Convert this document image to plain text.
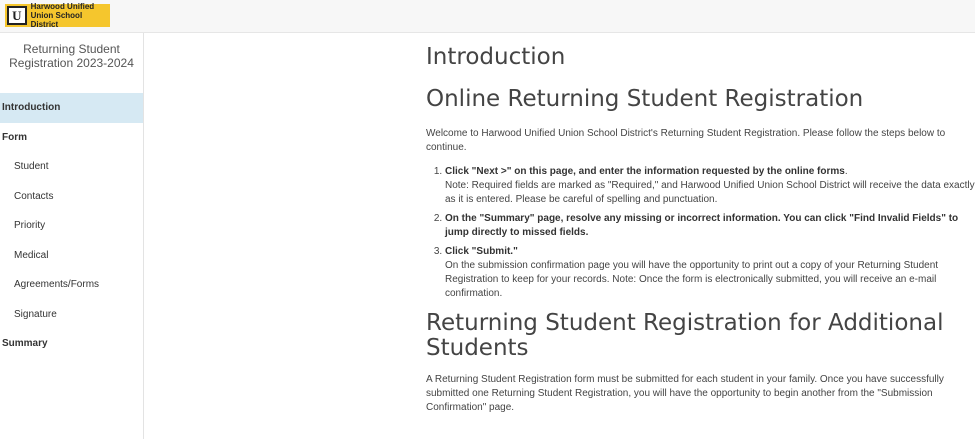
U
Harwood Unified
Union School District
Returning Student
Registration 2023-2024
Introduction
Form
Student
Contacts
Priority
Medical
Agreements/Forms
Signature
Summary
Introduction
Online Returning Student Registration

Welcome to Harwood Unified Union School District's Returning Student Registration. Please follow the steps below to continue.

1. Click "Next >" on this page, and enter the information requested by the online forms.
Note: Required fields are marked as "Required," and Harwood Unified Union School District will receive the data exactly as it is entered. Please be careful of spelling and punctuation.
2. On the "Summary" page, resolve any missing or incorrect information. You can click "Find Invalid Fields" to jump directly to missed fields.
3. Click "Submit."
On the submission confirmation page you will have the opportunity to print out a copy of your Returning Student Registration to keep for your records. Note: Once the form is electronically submitted, you will receive an e-mail confirmation.
Returning Student Registration for Additional Students

A Returning Student Registration form must be submitted for each student in your family. Once you have successfully submitted one Returning Student Registration, you will have the opportunity to begin another from the "Submission Confirmation" page.
